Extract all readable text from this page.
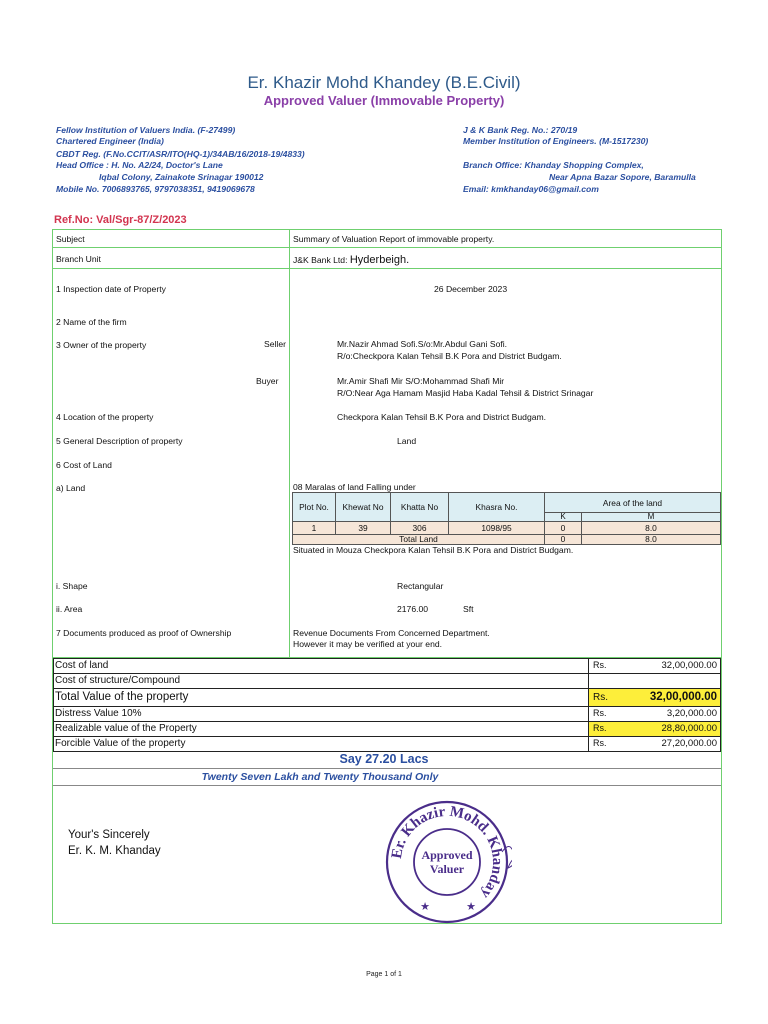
Er. Khazir Mohd Khandey (B.E.Civil)
Approved Valuer (Immovable Property)
Fellow Institution of Valuers India. (F-27499)
Chartered Engineer (India)
CBDT Reg. (F.No.CCIT/ASR/ITO(HQ-1)/34AB/16/2018-19/4833)
Head Office : H. No. A2/24, Doctor's Lane
Iqbal Colony, Zainakote Srinagar 190012
Mobile No. 7006893765, 9797038351, 9419069678
J & K Bank Reg. No.: 270/19
Member Institution of Engineers. (M-1517230)
Branch Office: Khanday Shopping Complex,
Near Apna Bazar Sopore, Baramulla
Email: kmkhanday06@gmail.com
Ref.No: Val/Sgr-87/Z/2023
Subject	Summary of Valuation Report of immovable property.
Branch Unit	J&K Bank Ltd: Hyderbeigh.
1 Inspection date of Property	26 December 2023
2 Name of the firm
3 Owner of the property	Seller	Mr.Nazir Ahmad Sofi.S/o:Mr.Abdul Gani Sofi.
R/o:Checkpora Kalan Tehsil B.K Pora and District Budgam.
Buyer	Mr.Amir Shafi Mir S/O:Mohammad Shafi Mir
R/O:Near Aga Hamam Masjid Haba Kadal Tehsil & District Srinagar
4 Location of the property	Checkpora Kalan Tehsil B.K Pora and District Budgam.
5 General Description of property	Land
6 Cost of Land
a) Land	08 Maralas of land Falling under
Plot No.	Khewat No	Khatta No	Khasra No.	Area of the land	
				K	M
1	39	306	1098/95	0	8.0
Total Land				0	8.0
Situated in Mouza Checkpora Kalan Tehsil B.K Pora and District Budgam.
i. Shape	Rectangular
ii. Area	2176.00	Sft
7 Documents produced as proof of Ownership	Revenue Documents From Concerned Department.
However it may be verified at your end.
Cost of land	Rs.	32,00,000.00
Cost of structure/Compound
Total Value of the property	Rs.	32,00,000.00
Distress Value 10%	Rs.	3,20,000.00
Realizable value of the Property	Rs.	28,80,000.00
Forcible Value of the property	Rs.	27,20,000.00
Say 27.20 Lacs
Twenty Seven Lakh and Twenty Thousand Only
Your's Sincerely
Er. K. M. Khanday	Er. Khazir Mohd. Khanday
Approved
Valuer
★	★
Page 1 of 1
